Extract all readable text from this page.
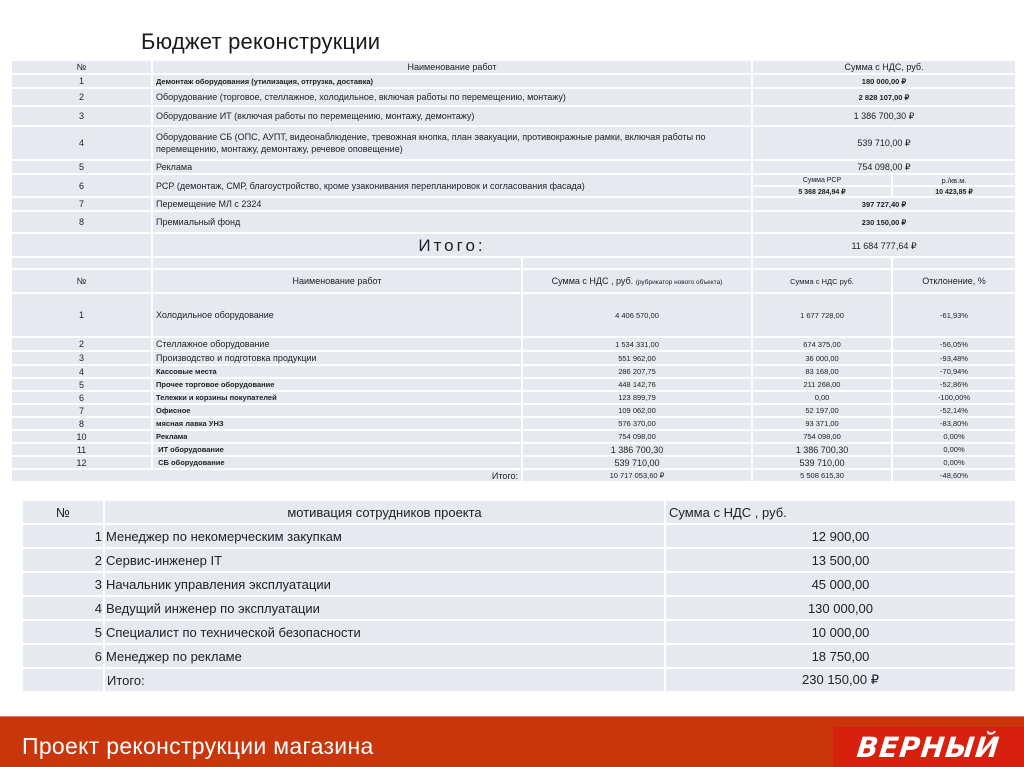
Бюджет реконструкции
№	Наименование работ	Сумма с НДС, руб.	
1	Демонтаж оборудования (утилизация, отгрузка, доставка)	180 000,00 ₽	
2	Оборудование (торговое, стеллажное, холодильное, включая работы по перемещению, монтажу)	2 828 107,00 ₽	
3	Оборудование ИТ (включая работы по перемещению, монтажу, демонтажу)	1 386 700,30 ₽	
4	Оборудование СБ (ОПС, АУПТ, видеонаблюдение, тревожная кнопка, план эвакуации, противокражные рамки, включая работы по перемещению, монтажу, демонтажу, речевое оповещение)	539 710,00 ₽	
5	Реклама	754 098,00 ₽	
6	РСР (демонтаж, СМР, благоустройство, кроме узаконивания перепланировок и согласования фасада)	Сумма РСР	р./кв.м.
		5 368 284,94 ₽	10 423,85 ₽
7	Перемещение МЛ с 2324	397 727,40 ₽	
8	Премиальный фонд	230 150,00 ₽	
	Итого:	11 684 777,64 ₽	

№	Наименование работ	Сумма с НДС , руб. (рубрикатор нового объекта)	Сумма с НДС руб.	Отклонение, %
1	Холодильное оборудование	4 406 570,00	1 677 728,00	-61,93%
2	Стеллажное оборудование	1 534 331,00	674 375,00	-56,05%
3	Производство и подготовка продукции	551 962,00	36 000,00	-93,48%
4	Кассовые места	286 207,75	83 168,00	-70,94%
5	Прочее торговое оборудование	448 142,76	211 268,00	-52,86%
6	Тележки и корзины покупателей	123 899,79	0,00	-100,00%
7	Офисное	109 062,00	52 197,00	-52,14%
8	мясная лавка УНЗ	576 370,00	93 371,00	-83,80%
10	Реклама	754 098,00	754 098,00	0,00%
11	ИТ оборудование	1 386 700,30	1 386 700,30	0,00%
12	СБ оборудование	539 710,00	539 710,00	0,00%
Итого:		10 717 053,60 ₽	5 508 615,30	-48,60%
№	мотивация сотрудников проекта	Сумма с НДС , руб.
1	Менеджер по некомерческим закупкам	12 900,00
2	Сервис-инженер IT	13 500,00
3	Начальник управления эксплуатации	45 000,00
4	Ведущий инженер по эксплуатации	130 000,00
5	Специалист по технической безопасности	10 000,00
6	Менеджер по рекламе	18 750,00
	Итого:	230 150,00 ₽
Проект реконструкции магазина	ВЕРНЫЙ
